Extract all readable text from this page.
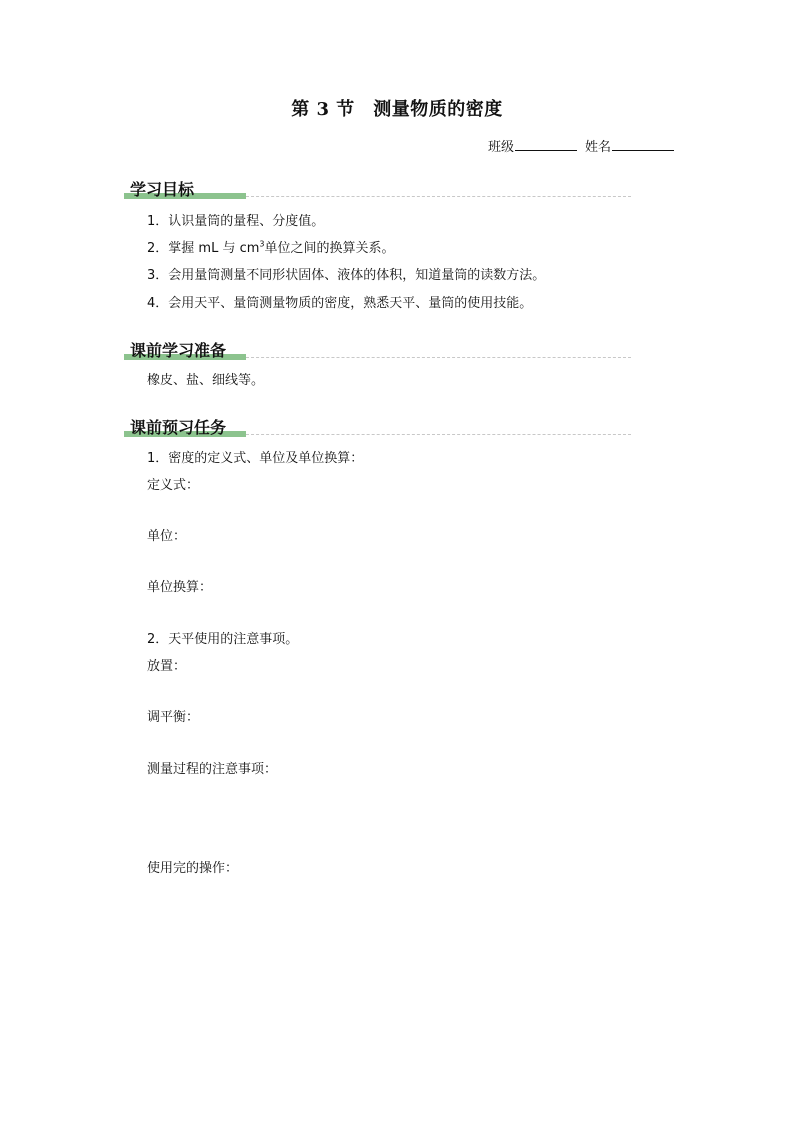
第 3 节　测量物质的密度
班级	姓名
学习目标
1．认识量筒的量程、分度值。
2．掌握 mL 与 $cm^3$单位之间的换算关系。
3．会用量筒测量不同形状固体、液体的体积，知道量筒的读数方法。
4．会用天平、量筒测量物质的密度，熟悉天平、量筒的使用技能。
课前学习准备
橡皮、盐、细线等。
课前预习任务
1．密度的定义式、单位及单位换算：
定义式：
单位：
单位换算：
2．天平使用的注意事项。
放置：
调平衡：
测量过程的注意事项：
使用完的操作：
